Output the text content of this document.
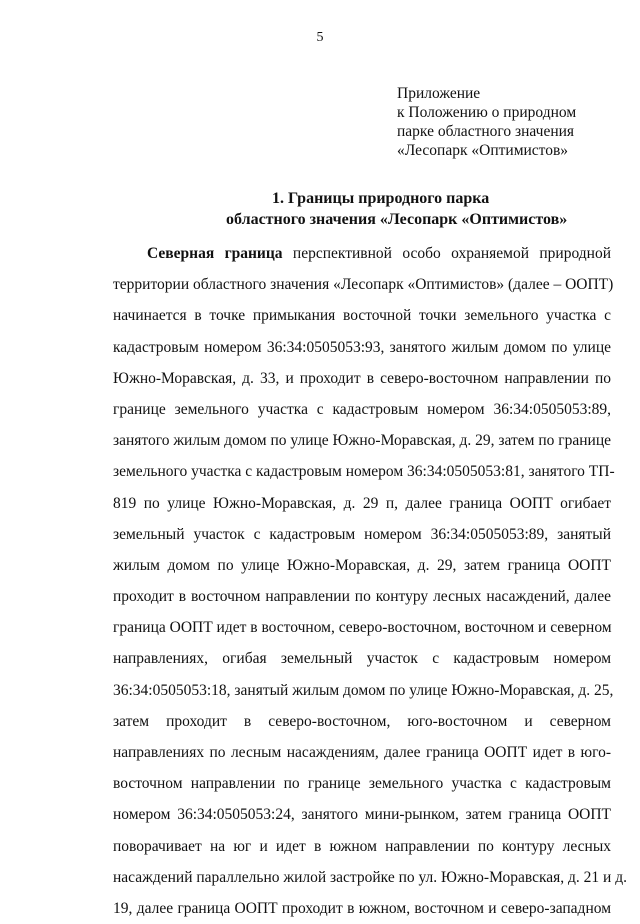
5
Приложение
к Положению о природном
парке областного значения
«Лесопарк «Оптимистов»
1. Границы природного парка
областного значения «Лесопарк «Оптимистов»
Северная граница перспективной особо охраняемой природной
территории областного значения «Лесопарк «Оптимистов» (далее – ООПТ)
начинается в точке примыкания восточной точки земельного участка с
кадастровым номером 36:34:0505053:93, занятого жилым домом по улице
Южно-Моравская, д. 33, и проходит в северо-восточном направлении по
границе земельного участка с кадастровым номером 36:34:0505053:89,
занятого жилым домом по улице Южно-Моравская, д. 29, затем по границе
земельного участка с кадастровым номером 36:34:0505053:81, занятого ТП-
819 по улице Южно-Моравская, д. 29 п, далее граница ООПТ огибает
земельный участок с кадастровым номером 36:34:0505053:89, занятый
жилым домом по улице Южно-Моравская, д. 29, затем граница ООПТ
проходит в восточном направлении по контуру лесных насаждений, далее
граница ООПТ идет в восточном, северо-восточном, восточном и северном
направлениях, огибая земельный участок с кадастровым номером
36:34:0505053:18, занятый жилым домом по улице Южно-Моравская, д. 25,
затем проходит в северо-восточном, юго-восточном и северном
направлениях по лесным насаждениям, далее граница ООПТ идет в юго-
восточном направлении по границе земельного участка с кадастровым
номером 36:34:0505053:24, занятого мини-рынком, затем граница ООПТ
поворачивает на юг и идет в южном направлении по контуру лесных
насаждений параллельно жилой застройке по ул. Южно-Моравская, д. 21 и д.
19, далее граница ООПТ проходит в южном, восточном и северо-западном
